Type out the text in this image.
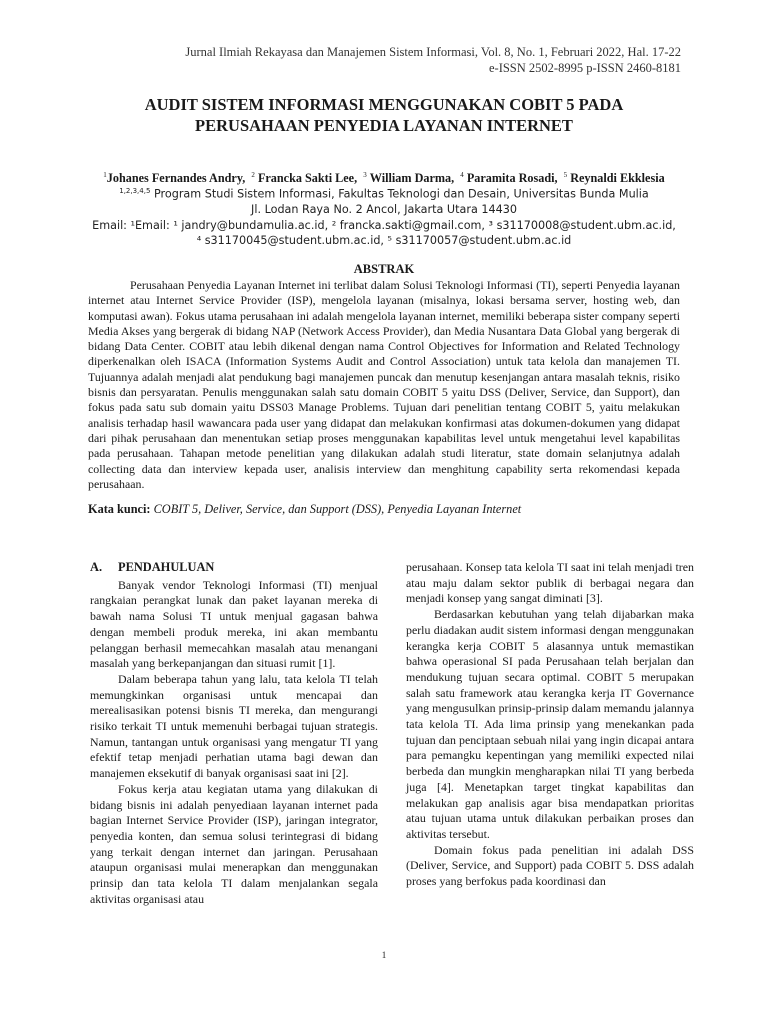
Jurnal Ilmiah Rekayasa dan Manajemen Sistem Informasi, Vol. 8, No. 1, Februari 2022, Hal. 17-22
e-ISSN 2502-8995 p-ISSN 2460-8181
AUDIT SISTEM INFORMASI MENGGUNAKAN COBIT 5 PADA
PERUSAHAAN PENYEDIA LAYANAN INTERNET
$^1$Johanes Fernandes Andry, $^2$ Francka Sakti Lee, $^3$ William Darma, $^4$ Paramita Rosadi, $^5$ Reynaldi Ekklesia
$^{1,2,3,4,5}$ Program Studi Sistem Informasi, Fakultas Teknologi dan Desain, Universitas Bunda Mulia
Jl. Lodan Raya No. 2 Ancol, Jakarta Utara 14430
Email: ¹Email: ¹ jandry@bundamulia.ac.id, ² francka.sakti@gmail.com, ³ s31170008@student.ubm.ac.id,
⁴ s31170045@student.ubm.ac.id, ⁵ s31170057@student.ubm.ac.id
ABSTRAK

Perusahaan Penyedia Layanan Internet ini terlibat dalam Solusi Teknologi Informasi (TI), seperti Penyedia layanan internet atau Internet Service Provider (ISP), mengelola layanan (misalnya, lokasi bersama server, hosting web, dan komputasi awan). Fokus utama perusahaan ini adalah mengelola layanan internet, memiliki beberapa sister company seperti Media Akses yang bergerak di bidang NAP (Network Access Provider), dan Media Nusantara Data Global yang bergerak di bidang Data Center. COBIT atau lebih dikenal dengan nama Control Objectives for Information and Related Technology diperkenalkan oleh ISACA (Information Systems Audit and Control Association) untuk tata kelola dan manajemen TI. Tujuannya adalah menjadi alat pendukung bagi manajemen puncak dan menutup kesenjangan antara masalah teknis, risiko bisnis dan persyaratan. Penulis menggunakan salah satu domain COBIT 5 yaitu DSS (Deliver, Service, dan Support), dan fokus pada satu sub domain yaitu DSS03 Manage Problems. Tujuan dari penelitian tentang COBIT 5, yaitu melakukan analisis terhadap hasil wawancara pada user yang didapat dan melakukan konfirmasi atas dokumen-dokumen yang didapat dari pihak perusahaan dan menentukan setiap proses menggunakan kapabilitas level untuk mengetahui level kapabilitas pada perusahaan. Tahapan metode penelitian yang dilakukan adalah studi literatur, state domain selanjutnya adalah collecting data dan interview kepada user, analisis interview dan menghitung capability serta rekomendasi kepada perusahaan.

Kata kunci: COBIT 5, Deliver, Service, dan Support (DSS), Penyedia Layanan Internet
A. PENDAHULUAN

Banyak vendor Teknologi Informasi (TI) menjual rangkaian perangkat lunak dan paket layanan mereka di bawah nama Solusi TI untuk menjual gagasan bahwa dengan membeli produk mereka, ini akan membantu pelanggan berhasil memecahkan masalah atau menangani masalah yang berkepanjangan dan situasi rumit [1].

Dalam beberapa tahun yang lalu, tata kelola TI telah memungkinkan organisasi untuk mencapai dan merealisasikan potensi bisnis TI mereka, dan mengurangi risiko terkait TI untuk memenuhi berbagai tujuan strategis. Namun, tantangan untuk organisasi yang mengatur TI yang efektif tetap menjadi perhatian utama bagi dewan dan manajemen eksekutif di banyak organisasi saat ini [2].

Fokus kerja atau kegiatan utama yang dilakukan di bidang bisnis ini adalah penyediaan layanan internet pada bagian Internet Service Provider (ISP), jaringan integrator, penyedia konten, dan semua solusi terintegrasi di bidang yang terkait dengan internet dan jaringan. Perusahaan ataupun organisasi mulai menerapkan dan menggunakan prinsip dan tata kelola TI dalam menjalankan segala aktivitas organisasi atau

perusahaan. Konsep tata kelola TI saat ini telah menjadi tren atau maju dalam sektor publik di berbagai negara dan menjadi konsep yang sangat diminati [3].

Berdasarkan kebutuhan yang telah dijabarkan maka perlu diadakan audit sistem informasi dengan menggunakan kerangka kerja COBIT 5 alasannya untuk memastikan bahwa operasional SI pada Perusahaan telah berjalan dan mendukung tujuan secara optimal. COBIT 5 merupakan salah satu framework atau kerangka kerja IT Governance yang mengusulkan prinsip-prinsip dalam memandu jalannya tata kelola TI. Ada lima prinsip yang menekankan pada tujuan dan penciptaan sebuah nilai yang ingin dicapai antara para pemangku kepentingan yang memiliki expected nilai berbeda dan mungkin mengharapkan nilai TI yang berbeda juga [4]. Menetapkan target tingkat kapabilitas dan melakukan gap analisis agar bisa mendapatkan prioritas atau tujuan utama untuk dilakukan perbaikan proses dan aktivitas tersebut.

Domain fokus pada penelitian ini adalah DSS (Deliver, Service, and Support) pada COBIT 5. DSS adalah proses yang berfokus pada koordinasi dan

1
